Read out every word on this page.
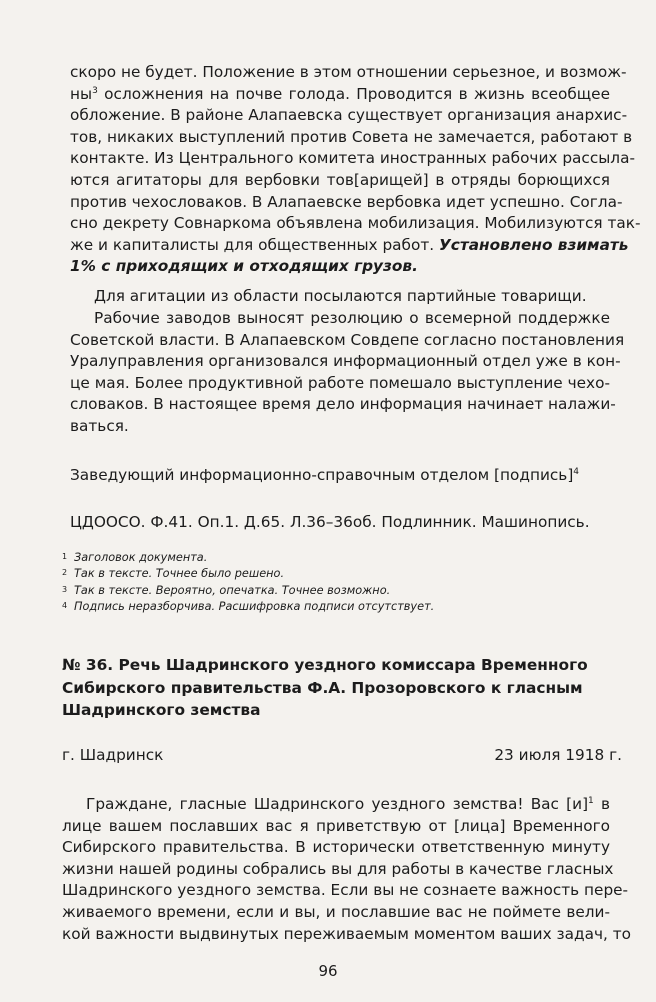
скоро не будет. Положение в этом отношении серьезное, и возмож-
$ны^3$ осложнения на почве голода. Проводится в жизнь всеобщее
обложение. В районе Алапаевска существует организация анархис-
тов, никаких выступлений против Совета не замечается, работают в
контакте. Из Центрального комитета иностранных рабочих рассыла-
ются агитаторы для вербовки тов[арищей] в отряды борющихся
против чехословаков. В Алапаевске вербовка идет успешно. Согла-
сно декрету Совнаркома объявлена мобилизация. Мобилизуются так-
же и капиталисты для общественных работ. Установлено взимать
1% с приходящих и отходящих грузов.

Для агитации из области посылаются партийные товарищи.

Рабочие заводов выносят резолюцию о всемерной поддержке
Советской власти. В Алапаевском Совдепе согласно постановления
Уралуправления организовался информационный отдел уже в кон-
це мая. Более продуктивной работе помешало выступление чехо-
словаков. В настоящее время дело информация начинает налажи-
ваться.

Заведующий информационно-справочным отделом [подпись]$^4$

ЦДООСО. Ф.41. Оп.1. Д.65. Л.36–36об. Подлинник. Машинопись.

1 Заголовок документа.
2 Так в тексте. Точнее было решено.
3 Так в тексте. Вероятно, опечатка. Точнее возможно.
4 Подпись неразборчива. Расшифровка подписи отсутствует.
№ 36. Речь Шадринского уездного комиссара Временного
Сибирского правительства Ф.А. Прозоровского к гласным
Шадринского земства
г. Шадринск	23 июля 1918 г.
Граждане, гласные Шадринского уездного земства! Вас $[и]^1$ в
лице вашем пославших вас я приветствую от [лица] Временного
Сибирского правительства. В исторически ответственную минуту
жизни нашей родины собрались вы для работы в качестве гласных
Шадринского уездного земства. Если вы не сознаете важность пере-
живаемого времени, если и вы, и пославшие вас не поймете вели-
кой важности выдвинутых переживаемым моментом ваших задач, то
96
